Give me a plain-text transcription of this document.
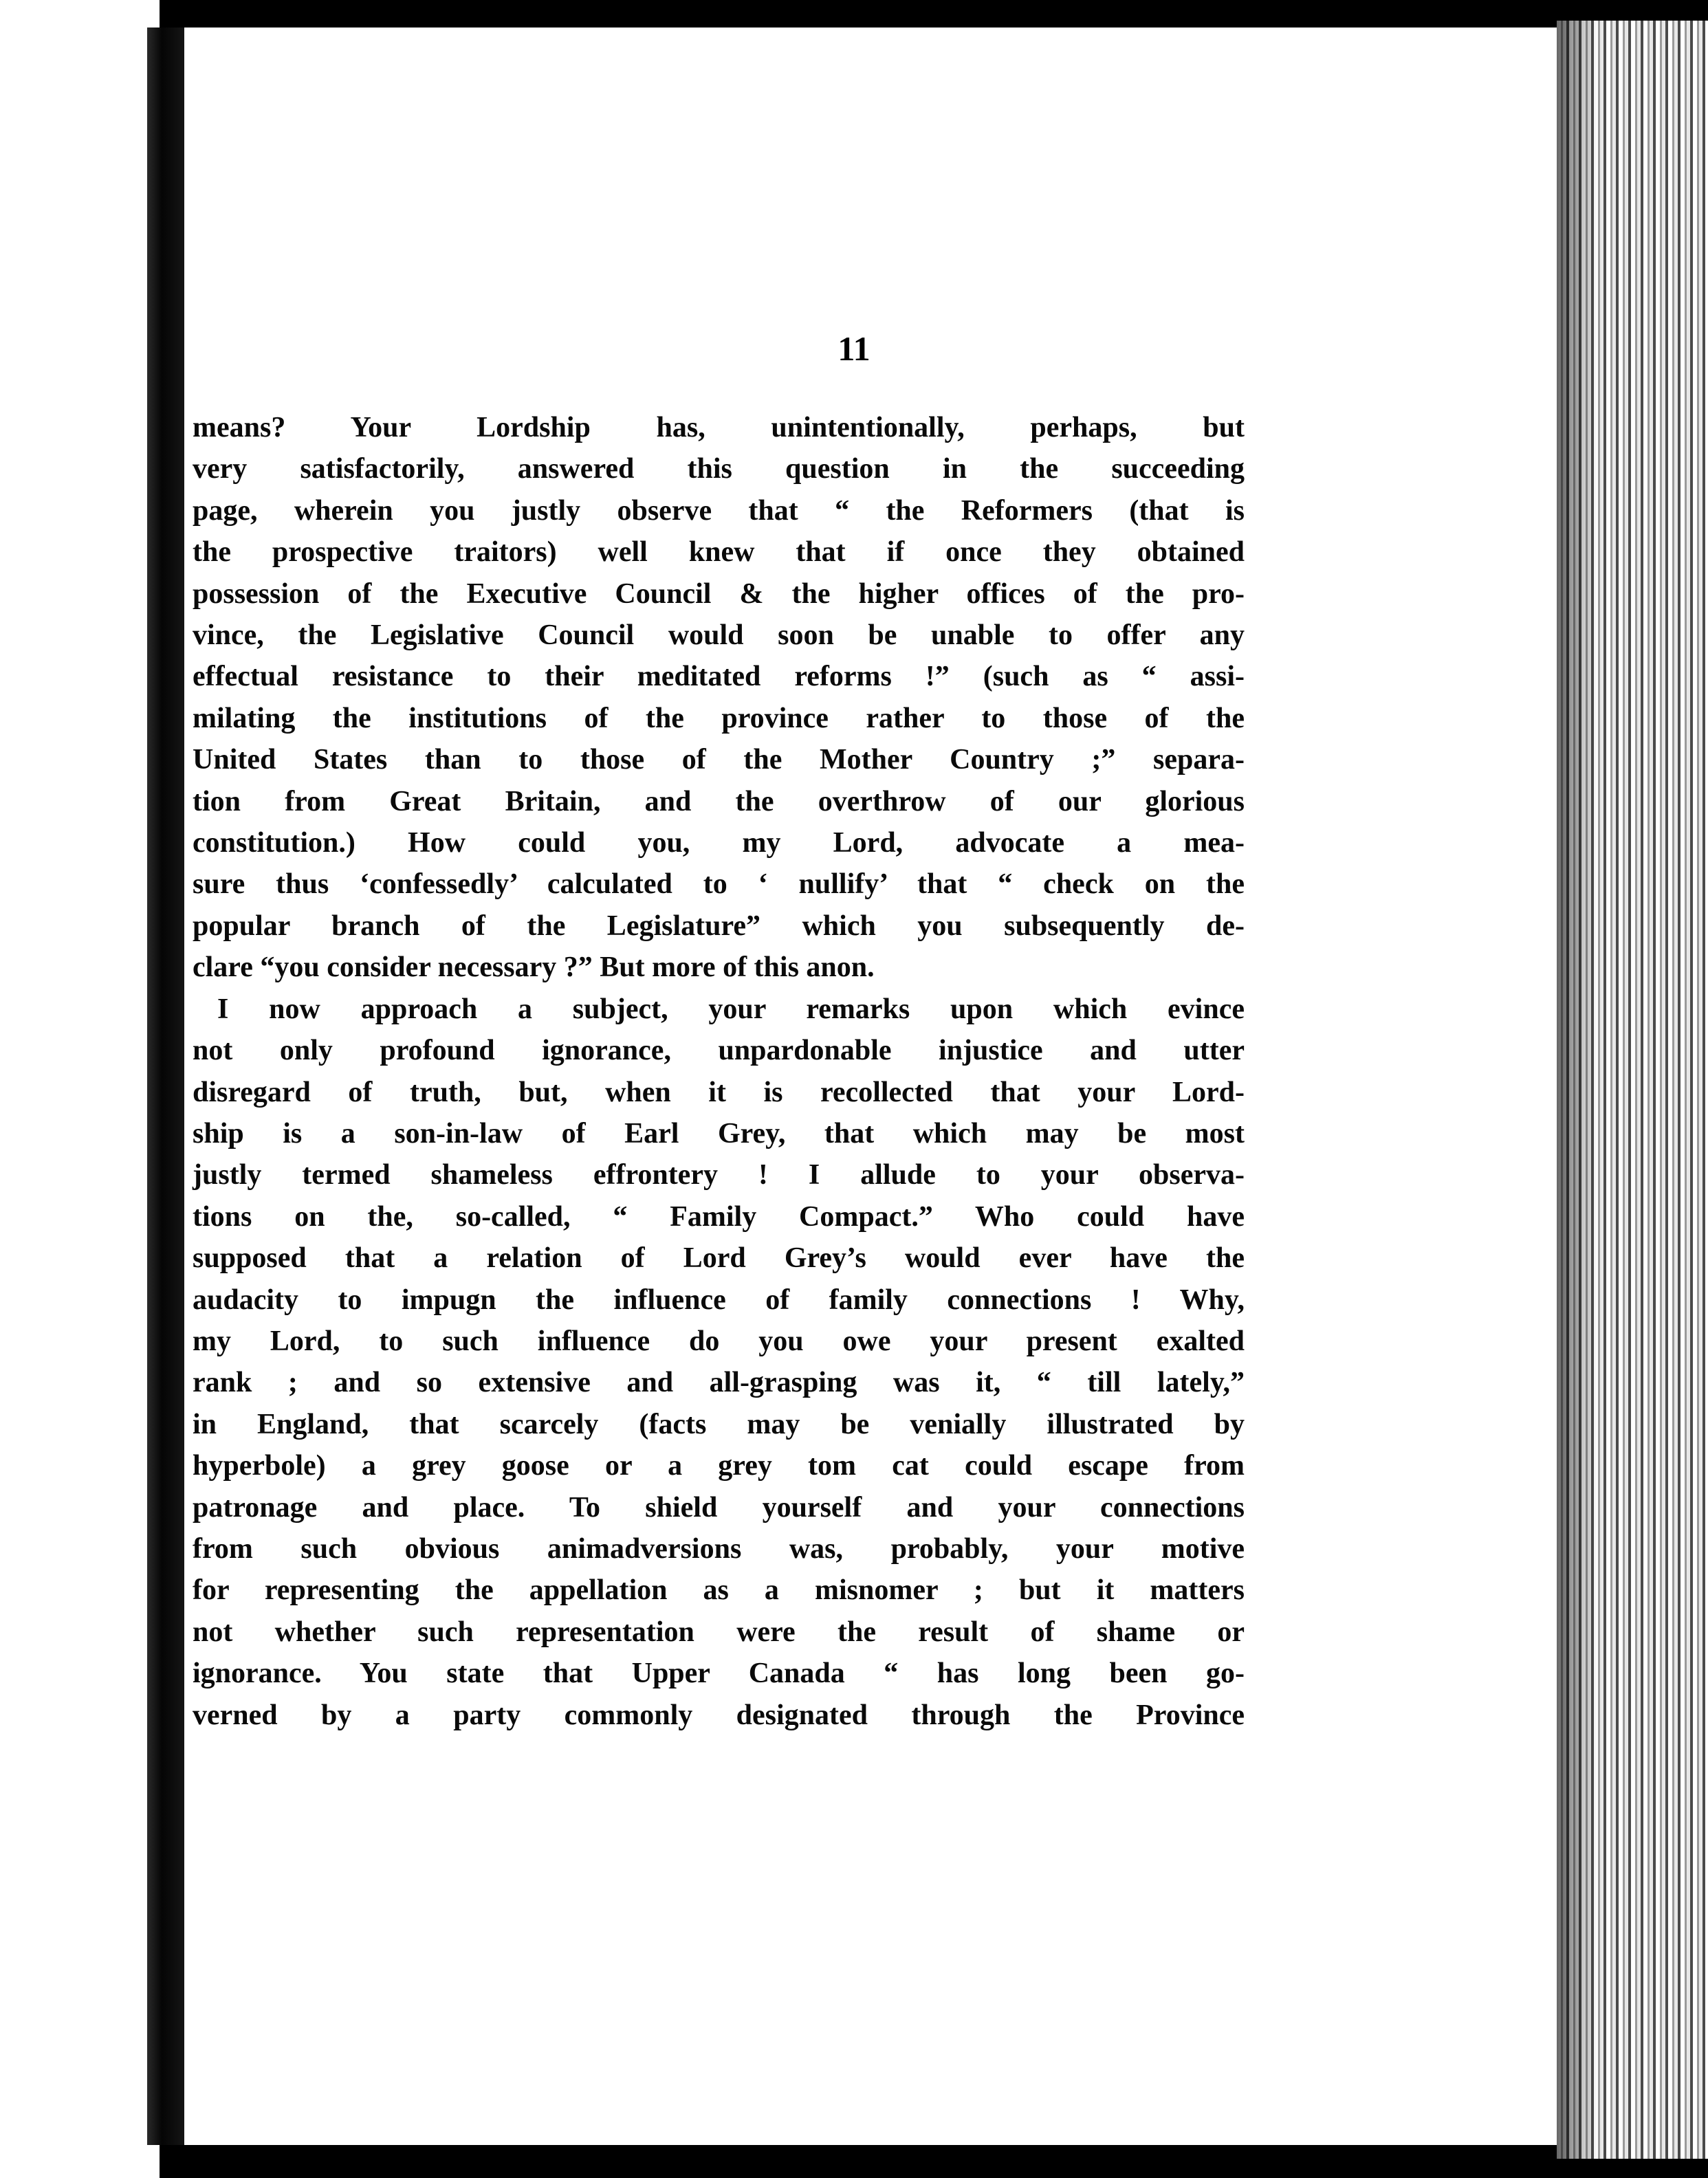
11
means? Your Lordship has, unintentionally, perhaps, but
very satisfactorily, answered this question in the succeeding
page, wherein you justly observe that “ the Reformers (that is
the prospective traitors) well knew that if once they obtained
possession of the Executive Council & the higher offices of the pro-
vince, the Legislative Council would soon be unable to offer any
effectual resistance to their meditated reforms !” (such as “ assi-
milating the institutions of the province rather to those of the
United States than to those of the Mother Country ;” separa-
tion from Great Britain, and the overthrow of our glorious
constitution.) How could you, my Lord, advocate a mea-
sure thus ‘confessedly’ calculated to ‘ nullify’ that “ check on the
popular branch of the Legislature” which you subsequently de-
clare “you consider necessary ?” But more of this anon.
I now approach a subject, your remarks upon which evince
not only profound ignorance, unpardonable injustice and utter
disregard of truth, but, when it is recollected that your Lord-
ship is a son-in-law of Earl Grey, that which may be most
justly termed shameless effrontery ! I allude to your observa-
tions on the, so-called, “ Family Compact.” Who could have
supposed that a relation of Lord Grey’s would ever have the
audacity to impugn the influence of family connections ! Why,
my Lord, to such influence do you owe your present exalted
rank ; and so extensive and all-grasping was it, “ till lately,”
in England, that scarcely (facts may be venially illustrated by
hyperbole) a grey goose or a grey tom cat could escape from
patronage and place. To shield yourself and your connections
from such obvious animadversions was, probably, your motive
for representing the appellation as a misnomer ; but it matters
not whether such representation were the result of shame or
ignorance. You state that Upper Canada “ has long been go-
verned by a party commonly designated through the Province
